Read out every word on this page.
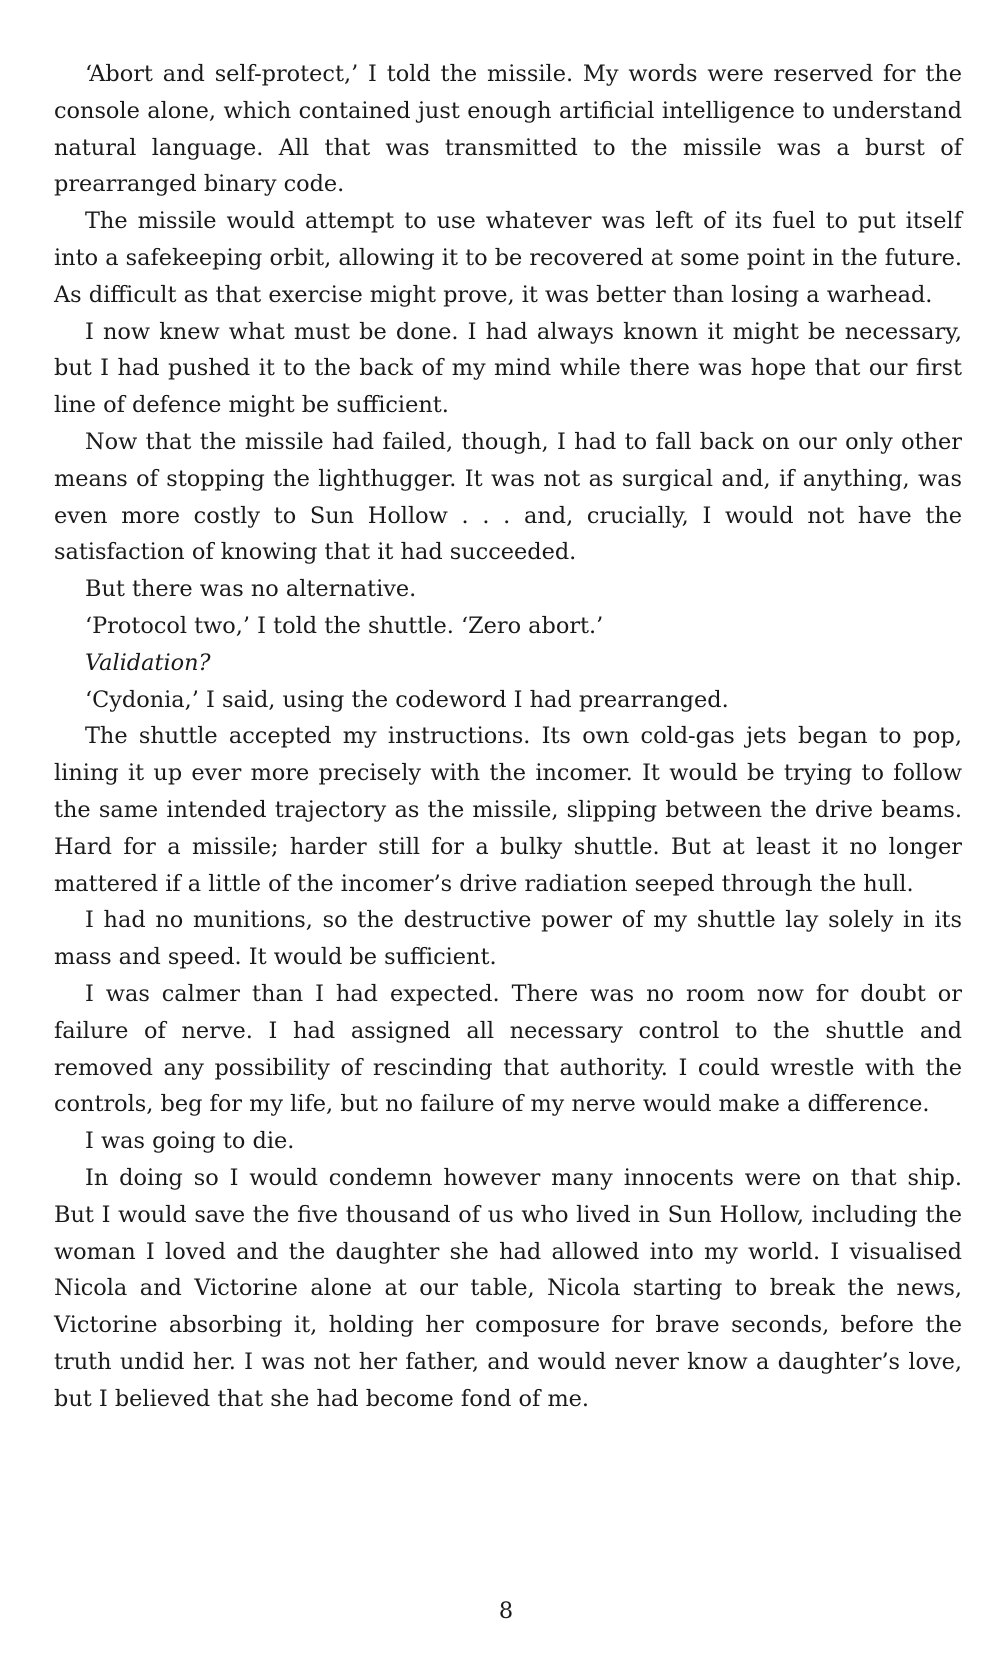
‘Abort and self-protect,’ I told the missile. My words were reserved for the console alone, which contained just enough artificial intelligence to understand natural language. All that was transmitted to the missile was a burst of prearranged binary code.

The missile would attempt to use whatever was left of its fuel to put itself into a safekeeping orbit, allowing it to be recovered at some point in the future. As difficult as that exercise might prove, it was better than losing a warhead.

I now knew what must be done. I had always known it might be necessary, but I had pushed it to the back of my mind while there was hope that our first line of defence might be sufficient.

Now that the missile had failed, though, I had to fall back on our only other means of stopping the lighthugger. It was not as surgical and, if anything, was even more costly to Sun Hollow . . . and, crucially, I would not have the satisfaction of knowing that it had succeeded.

But there was no alternative.

‘Protocol two,’ I told the shuttle. ‘Zero abort.’

Validation?

‘Cydonia,’ I said, using the codeword I had prearranged.

The shuttle accepted my instructions. Its own cold-gas jets began to pop, lining it up ever more precisely with the incomer. It would be trying to follow the same intended trajectory as the missile, slipping between the drive beams. Hard for a missile; harder still for a bulky shuttle. But at least it no longer mattered if a little of the incomer’s drive radiation seeped through the hull.

I had no munitions, so the destructive power of my shuttle lay solely in its mass and speed. It would be sufficient.

I was calmer than I had expected. There was no room now for doubt or failure of nerve. I had assigned all necessary control to the shuttle and removed any possibility of rescinding that authority. I could wrestle with the controls, beg for my life, but no failure of my nerve would make a difference.

I was going to die.

In doing so I would condemn however many innocents were on that ship. But I would save the five thousand of us who lived in Sun Hollow, including the woman I loved and the daughter she had allowed into my world. I visualised Nicola and Victorine alone at our table, Nicola starting to break the news, Victorine absorbing it, holding her composure for brave seconds, before the truth undid her. I was not her father, and would never know a daughter’s love, but I believed that she had become fond of me.

8
